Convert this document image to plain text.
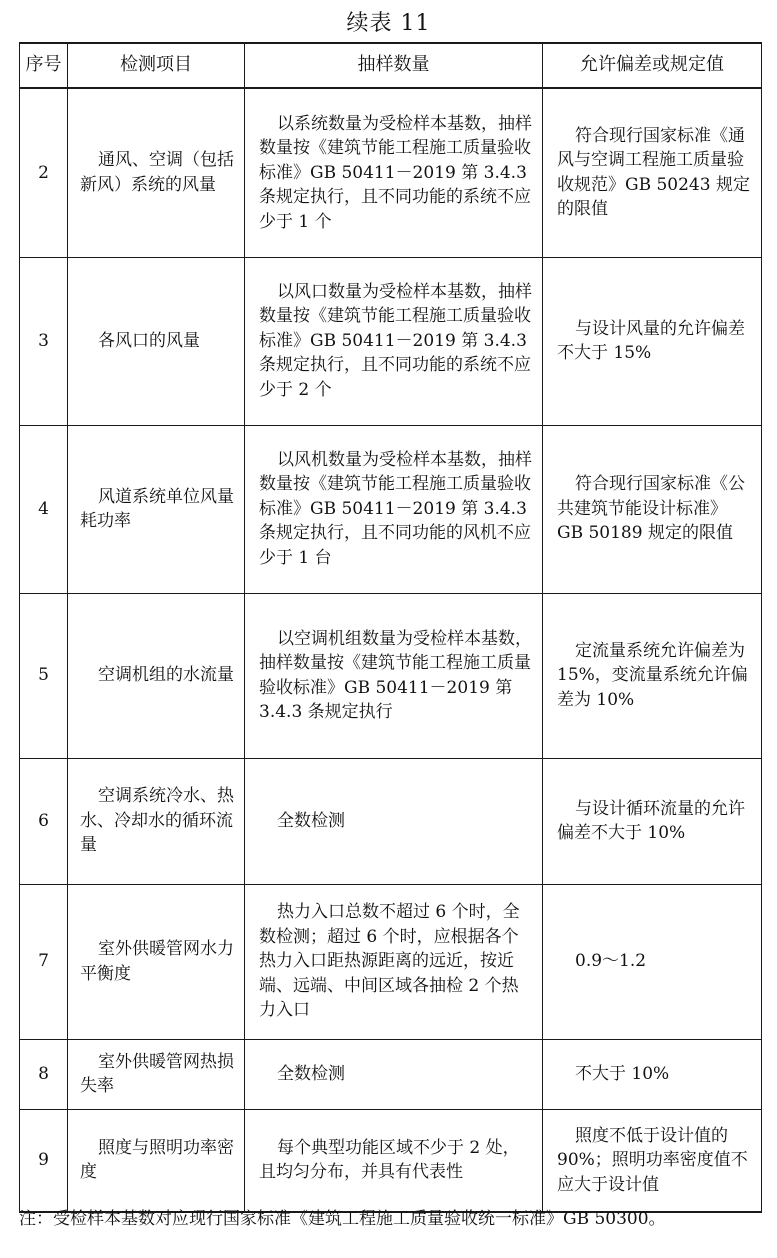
续表 11
序号	检测项目	抽样数量	允许偏差或规定值
2	通风、空调（包括新风）系统的风量	以系统数量为受检样本基数，抽样数量按《建筑节能工程施工质量验收标准》GB 50411－2019 第 3.4.3 条规定执行，且不同功能的系统不应少于 1 个	符合现行国家标准《通风与空调工程施工质量验收规范》GB 50243 规定的限值
3	各风口的风量	以风口数量为受检样本基数，抽样数量按《建筑节能工程施工质量验收标准》GB 50411－2019 第 3.4.3 条规定执行，且不同功能的系统不应少于 2 个	与设计风量的允许偏差不大于 15%
4	风道系统单位风量耗功率	以风机数量为受检样本基数，抽样数量按《建筑节能工程施工质量验收标准》GB 50411－2019 第 3.4.3 条规定执行，且不同功能的风机不应少于 1 台	符合现行国家标准《公共建筑节能设计标准》GB 50189 规定的限值
5	空调机组的水流量	以空调机组数量为受检样本基数，抽样数量按《建筑节能工程施工质量验收标准》GB 50411－2019 第 3.4.3 条规定执行	定流量系统允许偏差为 15%，变流量系统允许偏差为 10%
6	空调系统冷水、热水、冷却水的循环流量	全数检测	与设计循环流量的允许偏差不大于 10%
7	室外供暖管网水力平衡度	热力入口总数不超过 6 个时，全数检测；超过 6 个时，应根据各个热力入口距热源距离的远近，按近端、远端、中间区域各抽检 2 个热力入口	0.9～1.2
8	室外供暖管网热损失率	全数检测	不大于 10%
9	照度与照明功率密度	每个典型功能区域不少于 2 处，且均匀分布，并具有代表性	照度不低于设计值的 90%；照明功率密度值不应大于设计值
注：受检样本基数对应现行国家标准《建筑工程施工质量验收统一标准》GB 50300。
